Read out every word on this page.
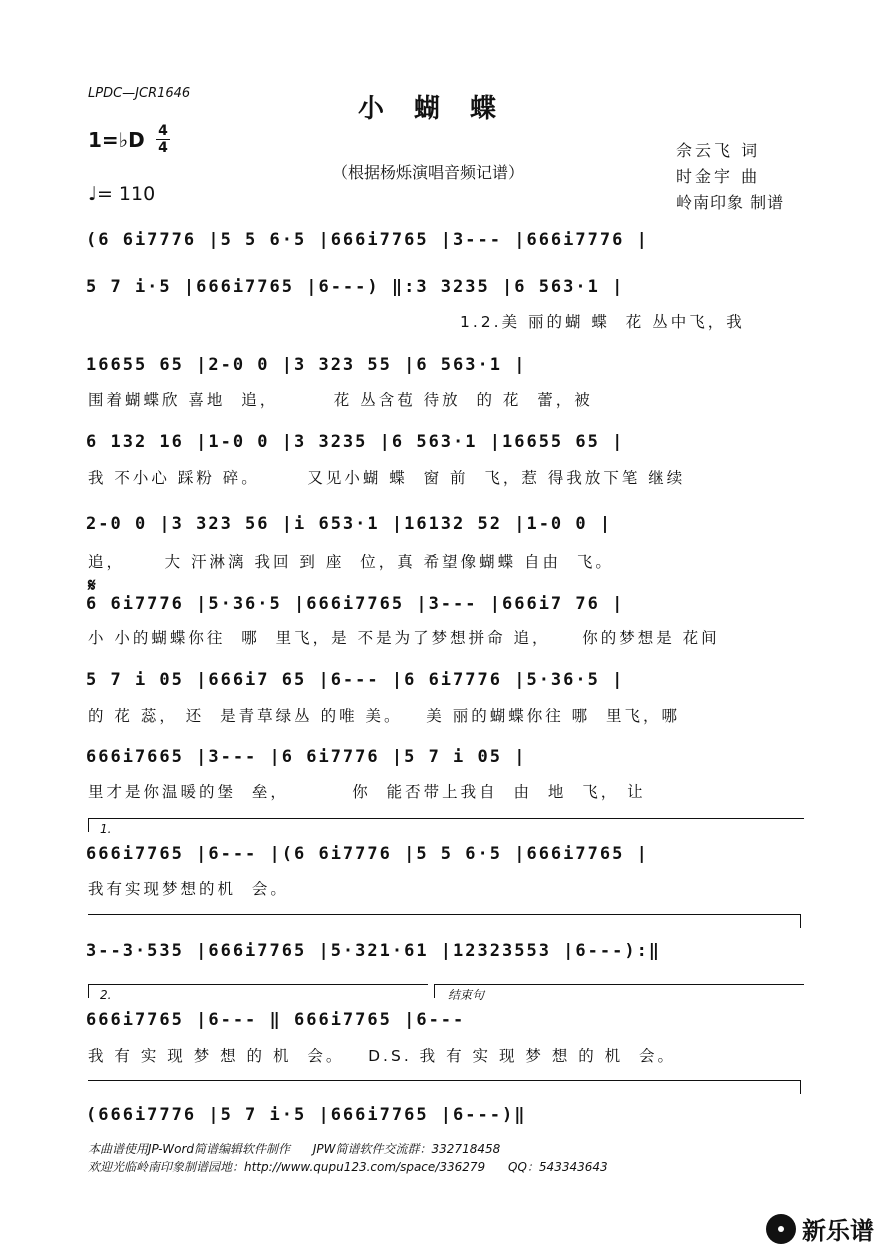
LPDC—JCR1646
小蝴蝶
1=♭D 4
4
（根据杨烁演唱音频记谱）
♩= 110
佘云飞 词
时金宇 曲
岭南印象 制谱
𝄋
(6 6i7776 |5 5 6·5 |666i7765 |3--- |666i7776 |
5 7 i·5 |666i7765 |6---) ‖:3 3235 |6 563·1 |
1.2.美 丽的蝴 蝶  花 丛中飞，我
16655 65 |2-0 0 |3 323 55 |6 563·1 |
围着蝴蝶欣 喜地  追，       花 丛含苞 待放  的 花  蕾，被
6 132 16 |1-0 0 |3 3235 |6 563·1 |16655 65 |
我 不小心 踩粉 碎。      又见小蝴 蝶  窗 前  飞，惹 得我放下笔 继续
2-0 0 |3 323 56 |i 653·1 |16132 52 |1-0 0 |
追，     大 汗淋漓 我回 到 座  位，真 希望像蝴蝶 自由  飞。
6 6i7776 |5·36·5 |666i7765 |3--- |666i7 76 |
小 小的蝴蝶你往  哪  里飞，是 不是为了梦想拼命 追，    你的梦想是 花间
5 7 i 05 |666i7 65 |6--- |6 6i7776 |5·36·5 |
的 花 蕊， 还  是青草绿丛 的唯 美。   美 丽的蝴蝶你往 哪  里飞，哪
666i7665 |3--- |6 6i7776 |5 7 i 05 |
里才是你温暖的堡  垒，        你  能否带上我自  由  地  飞， 让
1.
666i7765 |6--- |(6 6i7776 |5 5 6·5 |666i7765 |
我有实现梦想的机  会。
3--3·535 |666i7765 |5·321·61 |12323553 |6---):‖
2.	结束句
666i7765 |6--- ‖ 666i7765 |6---
我 有 实 现 梦 想 的 机  会。   D.S. 我 有 实 现 梦 想 的 机  会。
(666i7776 |5 7 i·5 |666i7765 |6---)‖
本曲谱使用JP-Word简谱编辑软件制作      JPW简谱软件交流群：332718458
欢迎光临岭南印象制谱园地：http://www.qupu123.com/space/336279      QQ：543343643
新乐谱
